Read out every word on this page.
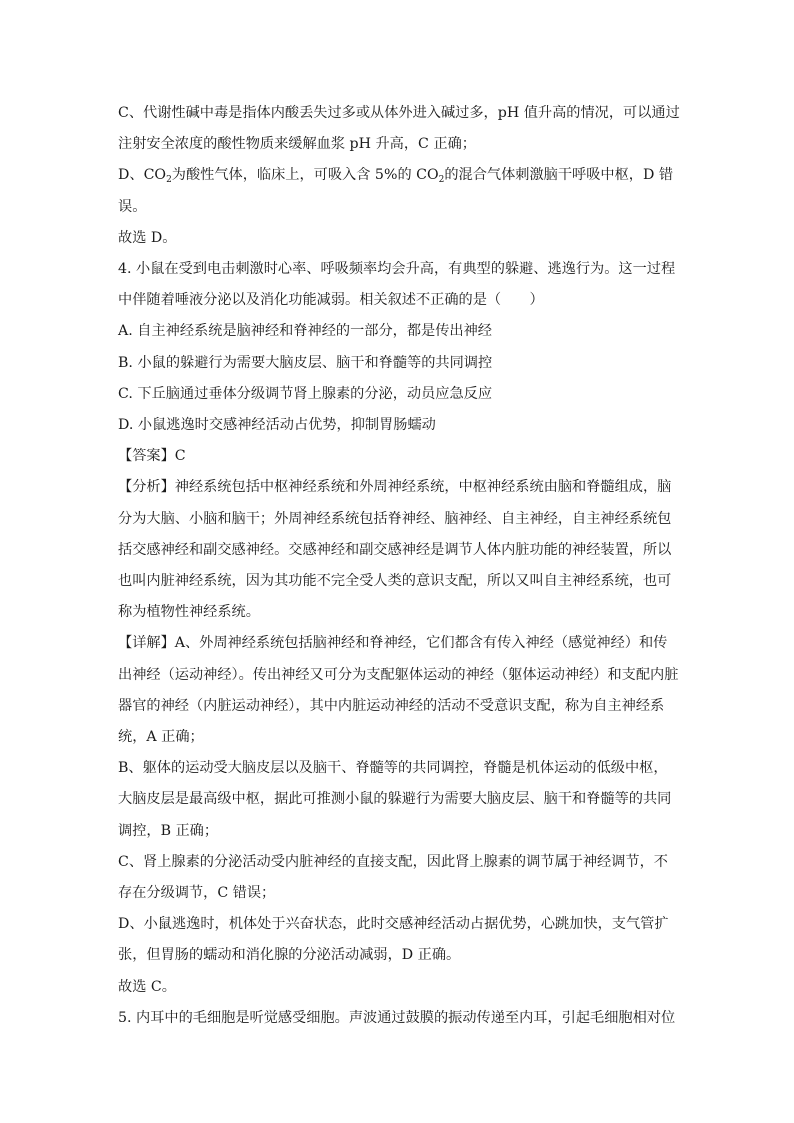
C、代谢性碱中毒是指体内酸丢失过多或从体外进入碱过多，pH 值升高的情况，可以通过

注射安全浓度的酸性物质来缓解血浆 pH 升高，C 正确；

D、$CO_2$为酸性气体，临床上，可吸入含 5%的 $CO_2$的混合气体刺激脑干呼吸中枢，D 错

误。

故选 D。

4. 小鼠在受到电击刺激时心率、呼吸频率均会升高，有典型的躲避、逃逸行为。这一过程

中伴随着唾液分泌以及消化功能减弱。相关叙述不正确的是（　　）

A. 自主神经系统是脑神经和脊神经的一部分，都是传出神经

B. 小鼠的躲避行为需要大脑皮层、脑干和脊髓等的共同调控

C. 下丘脑通过垂体分级调节肾上腺素的分泌，动员应急反应

D. 小鼠逃逸时交感神经活动占优势，抑制胃肠蠕动

【答案】C

【分析】神经系统包括中枢神经系统和外周神经系统，中枢神经系统由脑和脊髓组成，脑

分为大脑、小脑和脑干；外周神经系统包括脊神经、脑神经、自主神经，自主神经系统包

括交感神经和副交感神经。交感神经和副交感神经是调节人体内脏功能的神经装置，所以

也叫内脏神经系统，因为其功能不完全受人类的意识支配，所以又叫自主神经系统，也可

称为植物性神经系统。

【详解】A、外周神经系统包括脑神经和脊神经，它们都含有传入神经（感觉神经）和传

出神经（运动神经）。传出神经又可分为支配躯体运动的神经（躯体运动神经）和支配内脏

器官的神经（内脏运动神经），其中内脏运动神经的活动不受意识支配，称为自主神经系

统，A 正确；

B、躯体的运动受大脑皮层以及脑干、脊髓等的共同调控，脊髓是机体运动的低级中枢，

大脑皮层是最高级中枢，据此可推测小鼠的躲避行为需要大脑皮层、脑干和脊髓等的共同

调控，B 正确；

C、肾上腺素的分泌活动受内脏神经的直接支配，因此肾上腺素的调节属于神经调节，不

存在分级调节，C 错误；

D、小鼠逃逸时，机体处于兴奋状态，此时交感神经活动占据优势，心跳加快，支气管扩

张，但胃肠的蠕动和消化腺的分泌活动减弱，D 正确。

故选 C。

5. 内耳中的毛细胞是听觉感受细胞。声波通过鼓膜的振动传递至内耳，引起毛细胞相对位
